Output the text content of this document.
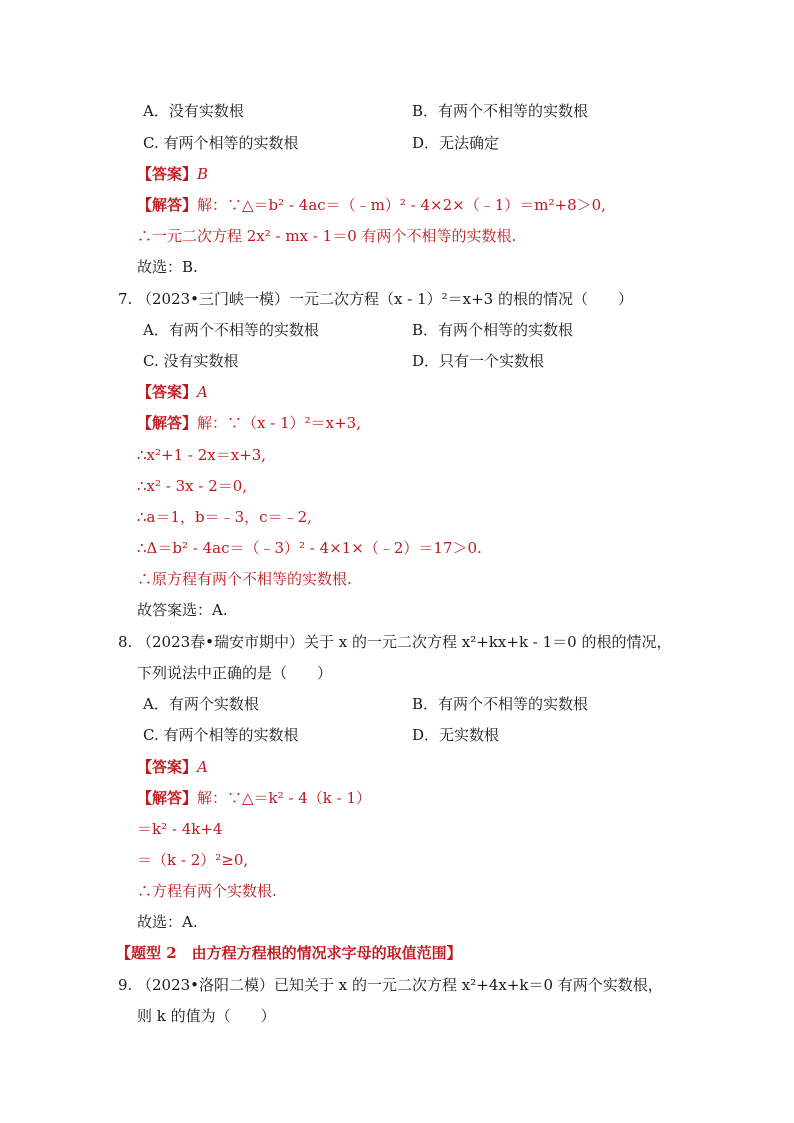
A．没有实数根	B．有两个不相等的实数根
C. 有两个相等的实数根	D．无法确定
【答案】B
【解答】解：∵△＝b² - 4ac＝（﹣m）² - 4×2×（﹣1）＝m²+8＞0,
∴一元二次方程 2x² - mx - 1＝0 有两个不相等的实数根.
故选：B.
7. （2023•三门峡一模）一元二次方程（x - 1）²＝x+3 的根的情况（　　）
A．有两个不相等的实数根	B．有两个相等的实数根
C. 没有实数根	D．只有一个实数根
【答案】A
【解答】解：∵（x - 1）²＝x+3,
∴x²+1 - 2x＝x+3,
∴x² - 3x - 2＝0,
∴a＝1，b＝﹣3，c＝﹣2,
∴Δ＝b² - 4ac＝（﹣3）² - 4×1×（﹣2）＝17＞0.
∴原方程有两个不相等的实数根.
故答案选：A.
8. （2023春•瑞安市期中）关于 x 的一元二次方程 x²+kx+k - 1＝0 的根的情况，
下列说法中正确的是（　　）
A．有两个实数根	B．有两个不相等的实数根
C. 有两个相等的实数根	D．无实数根
【答案】A
【解答】解：∵△＝k² - 4（k - 1）
＝k² - 4k+4
＝（k - 2）²≥0,
∴方程有两个实数根.
故选：A.
【题型 2　由方程方程根的情况求字母的取值范围】
9. （2023•洛阳二模）已知关于 x 的一元二次方程 x²+4x+k＝0 有两个实数根，
则 k 的值为（　　）
